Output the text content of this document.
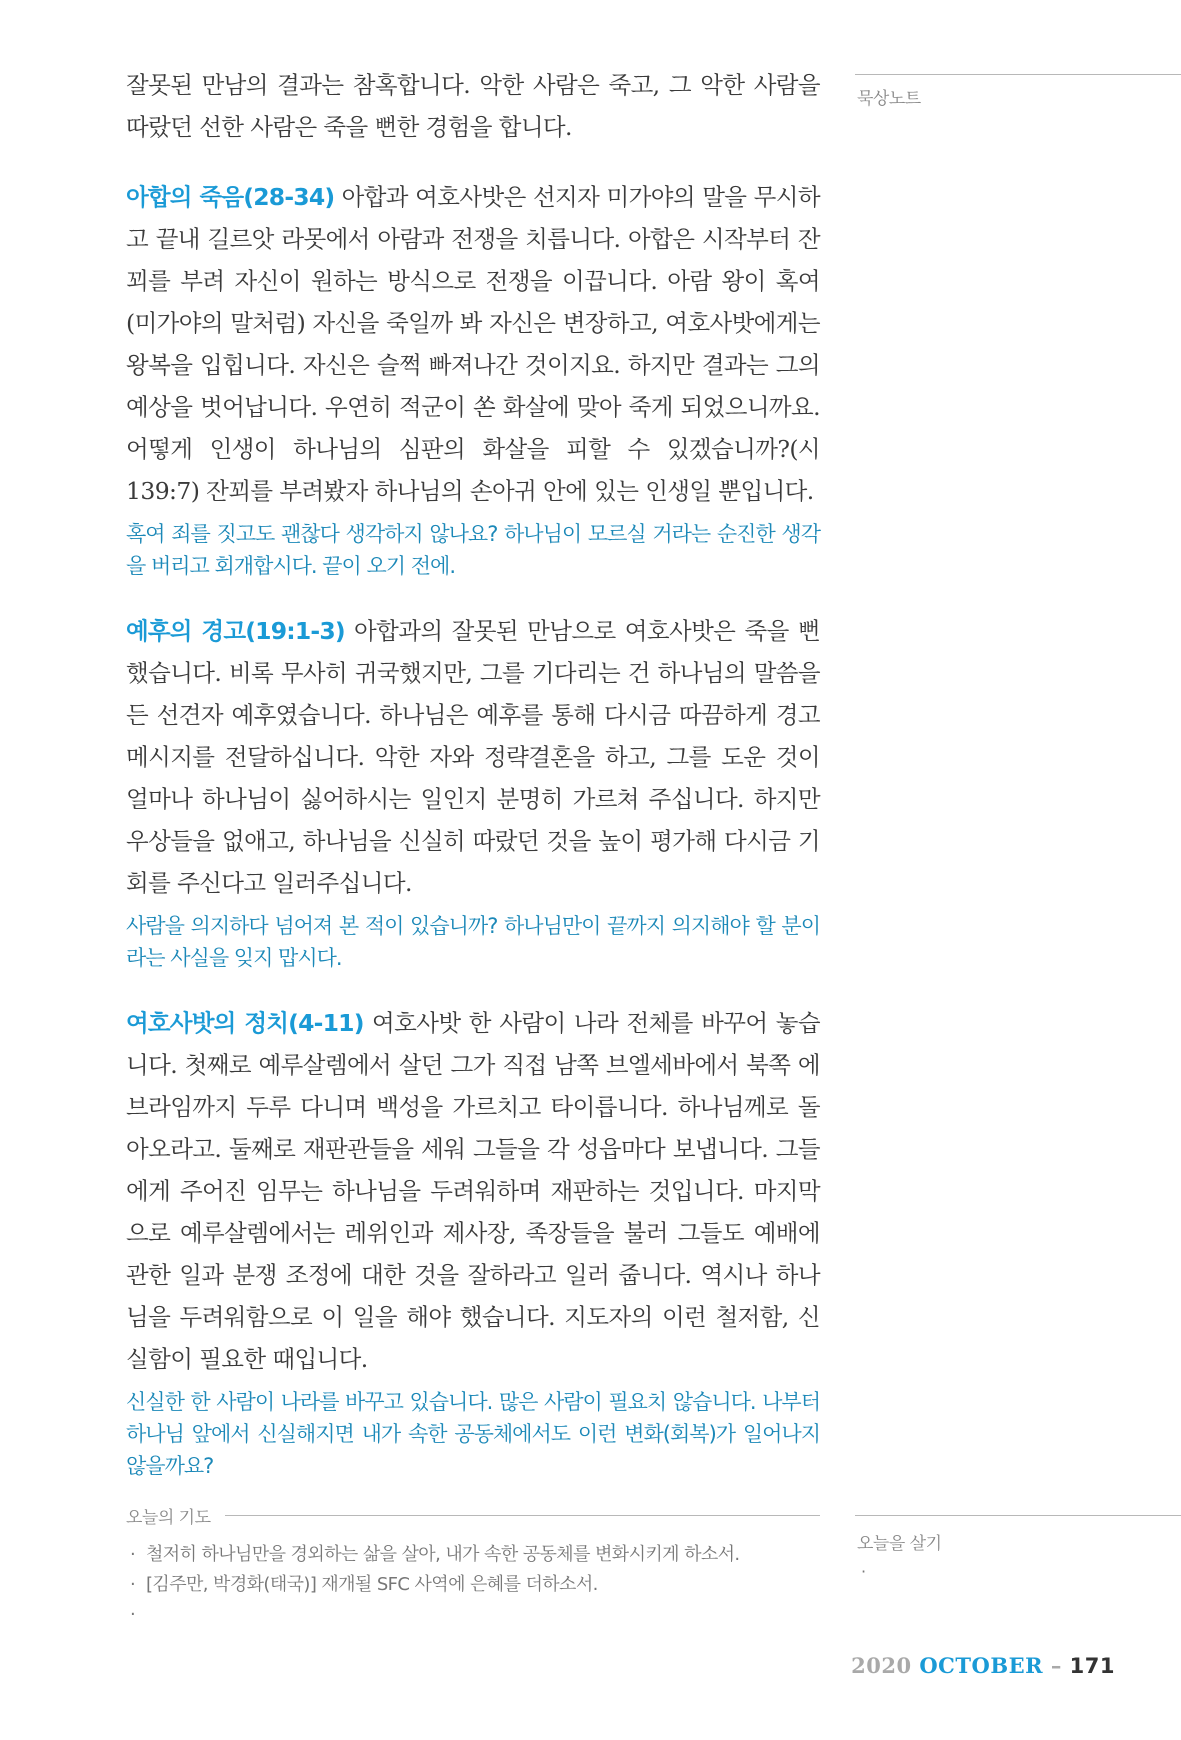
묵상노트

잘못된 만남의 결과는 참혹합니다. 악한 사람은 죽고, 그 악한 사람을 따랐던 선한 사람은 죽을 뻔한 경험을 합니다.

아합의 죽음(28-34) 아합과 여호사밧은 선지자 미가야의 말을 무시하고 끝내 길르앗 라못에서 아람과 전쟁을 치릅니다. 아합은 시작부터 잔꾀를 부려 자신이 원하는 방식으로 전쟁을 이끕니다. 아람 왕이 혹여 (미가야의 말처럼) 자신을 죽일까 봐 자신은 변장하고, 여호사밧에게는 왕복을 입힙니다. 자신은 슬쩍 빠져나간 것이지요. 하지만 결과는 그의 예상을 벗어납니다. 우연히 적군이 쏜 화살에 맞아 죽게 되었으니까요. 어떻게 인생이 하나님의 심판의 화살을 피할 수 있겠습니까?(시 139:7) 잔꾀를 부려봤자 하나님의 손아귀 안에 있는 인생일 뿐입니다.

혹여 죄를 짓고도 괜찮다 생각하지 않나요? 하나님이 모르실 거라는 순진한 생각을 버리고 회개합시다. 끝이 오기 전에.

예후의 경고(19:1-3) 아합과의 잘못된 만남으로 여호사밧은 죽을 뻔했습니다. 비록 무사히 귀국했지만, 그를 기다리는 건 하나님의 말씀을 든 선견자 예후였습니다. 하나님은 예후를 통해 다시금 따끔하게 경고 메시지를 전달하십니다. 악한 자와 정략결혼을 하고, 그를 도운 것이 얼마나 하나님이 싫어하시는 일인지 분명히 가르쳐 주십니다. 하지만 우상들을 없애고, 하나님을 신실히 따랐던 것을 높이 평가해 다시금 기회를 주신다고 일러주십니다.

사람을 의지하다 넘어져 본 적이 있습니까? 하나님만이 끝까지 의지해야 할 분이라는 사실을 잊지 맙시다.

여호사밧의 정치(4-11) 여호사밧 한 사람이 나라 전체를 바꾸어 놓습니다. 첫째로 예루살렘에서 살던 그가 직접 남쪽 브엘세바에서 북쪽 에브라임까지 두루 다니며 백성을 가르치고 타이릅니다. 하나님께로 돌아오라고. 둘째로 재판관들을 세워 그들을 각 성읍마다 보냅니다. 그들에게 주어진 임무는 하나님을 두려워하며 재판하는 것입니다. 마지막으로 예루살렘에서는 레위인과 제사장, 족장들을 불러 그들도 예배에 관한 일과 분쟁 조정에 대한 것을 잘하라고 일러 줍니다. 역시나 하나님을 두려워함으로 이 일을 해야 했습니다. 지도자의 이런 철저함, 신실함이 필요한 때입니다.

신실한 한 사람이 나라를 바꾸고 있습니다. 많은 사람이 필요치 않습니다. 나부터 하나님 앞에서 신실해지면 내가 속한 공동체에서도 이런 변화(회복)가 일어나지 않을까요?

오늘의 기도
· 철저히 하나님만을 경외하는 삶을 살아, 내가 속한 공동체를 변화시키게 하소서.
· [김주만, 박경화(태국)] 재개될 SFC 사역에 은혜를 더하소서.
·
오늘을 살기
·
2020 OCTOBER – 171
